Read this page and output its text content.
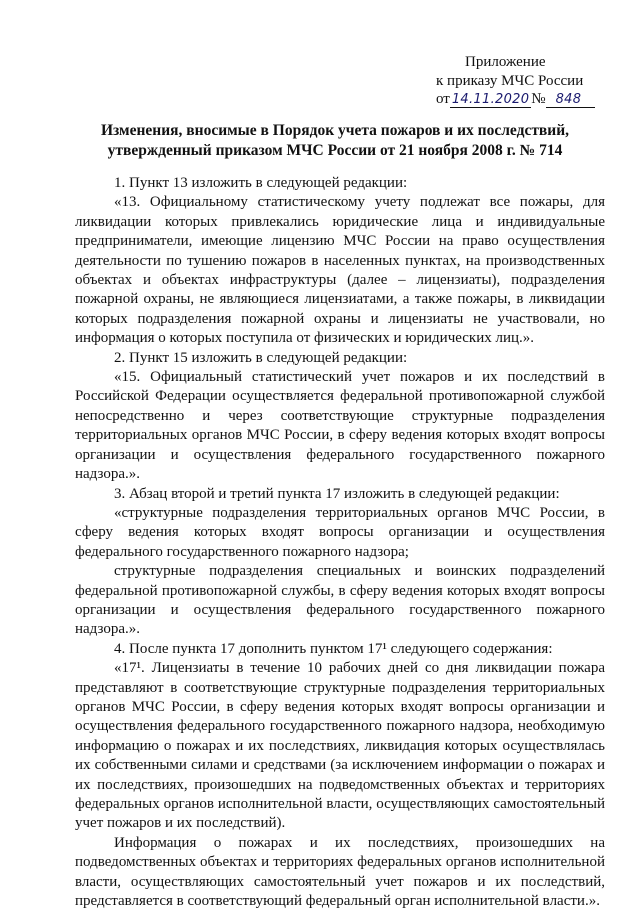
Приложение
к приказу МЧС России
от 14.11.2020 № 848
Изменения, вносимые в Порядок учета пожаров и их последствий, утвержденный приказом МЧС России от 21 ноября 2008 г. № 714

1. Пункт 13 изложить в следующей редакции:

«13. Официальному статистическому учету подлежат все пожары, для ликвидации которых привлекались юридические лица и индивидуальные предприниматели, имеющие лицензию МЧС России на право осуществления деятельности по тушению пожаров в населенных пунктах, на производственных объектах и объектах инфраструктуры (далее – лицензиаты), подразделения пожарной охраны, не являющиеся лицензиатами, а также пожары, в ликвидации которых подразделения пожарной охраны и лицензиаты не участвовали, но информация о которых поступила от физических и юридических лиц.».

2. Пункт 15 изложить в следующей редакции:

«15. Официальный статистический учет пожаров и их последствий в Российской Федерации осуществляется федеральной противопожарной службой непосредственно и через соответствующие структурные подразделения территориальных органов МЧС России, в сферу ведения которых входят вопросы организации и осуществления федерального государственного пожарного надзора.».

3. Абзац второй и третий пункта 17 изложить в следующей редакции:

«структурные подразделения территориальных органов МЧС России, в сферу ведения которых входят вопросы организации и осуществления федерального государственного пожарного надзора;

структурные подразделения специальных и воинских подразделений федеральной противопожарной службы, в сферу ведения которых входят вопросы организации и осуществления федерального государственного пожарного надзора.».

4. После пункта 17 дополнить пунктом 17¹ следующего содержания:

«17¹. Лицензиаты в течение 10 рабочих дней со дня ликвидации пожара представляют в соответствующие структурные подразделения территориальных органов МЧС России, в сферу ведения которых входят вопросы организации и осуществления федерального государственного пожарного надзора, необходимую информацию о пожарах и их последствиях, ликвидация которых осуществлялась их собственными силами и средствами (за исключением информации о пожарах и их последствиях, произошедших на подведомственных объектах и территориях федеральных органов исполнительной власти, осуществляющих самостоятельный учет пожаров и их последствий).

Информация о пожарах и их последствиях, произошедших на подведомственных объектах и территориях федеральных органов исполнительной власти, осуществляющих самостоятельный учет пожаров и их последствий, представляется в соответствующий федеральный орган исполнительной власти.».
